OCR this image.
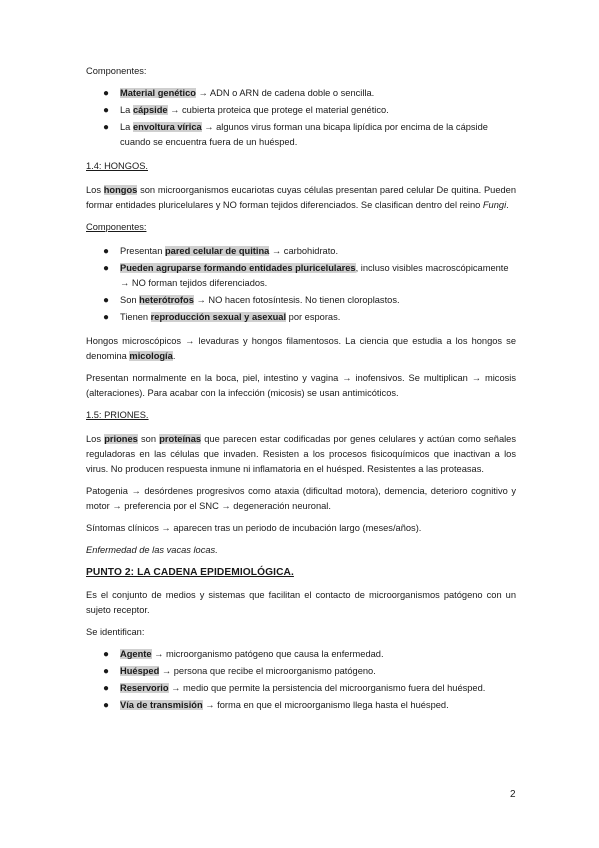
Componentes:

● Material genético → ADN o ARN de cadena doble o sencilla.
● La cápside → cubierta proteica que protege el material genético.
● La envoltura vírica → algunos virus forman una bicapa lipídica por encima de la cápside cuando se encuentra fuera de un huésped.

1.4: HONGOS.

Los hongos son microorganismos eucariotas cuyas células presentan pared celular De quitina. Pueden formar entidades pluricelulares y NO forman tejidos diferenciados. Se clasifican dentro del reino Fungi.

Componentes:

● Presentan pared celular de quitina → carbohidrato.
● Pueden agruparse formando entidades pluricelulares, incluso visibles macroscópicamente → NO forman tejidos diferenciados.
● Son heterótrofos → NO hacen fotosíntesis. No tienen cloroplastos.
● Tienen reproducción sexual y asexual por esporas.

Hongos microscópicos → levaduras y hongos filamentosos. La ciencia que estudia a los hongos se denomina micología.

Presentan normalmente en la boca, piel, intestino y vagina → inofensivos. Se multiplican → micosis (alteraciones). Para acabar con la infección (micosis) se usan antimicóticos.

1.5: PRIONES.

Los priones son proteínas que parecen estar codificadas por genes celulares y actúan como señales reguladoras en las células que invaden. Resisten a los procesos fisicoquímicos que inactivan a los virus. No producen respuesta inmune ni inflamatoria en el huésped. Resistentes a las proteasas.

Patogenia → desórdenes progresivos como ataxia (dificultad motora), demencia, deterioro cognitivo y motor → preferencia por el SNC → degeneración neuronal.

Síntomas clínicos → aparecen tras un periodo de incubación largo (meses/años).

Enfermedad de las vacas locas.

PUNTO 2: LA CADENA EPIDEMIOLÓGICA.

Es el conjunto de medios y sistemas que facilitan el contacto de microorganismos patógeno con un sujeto receptor.

Se identifican:

● Agente → microorganismo patógeno que causa la enfermedad.
● Huésped → persona que recibe el microorganismo patógeno.
● Reservorio → medio que permite la persistencia del microorganismo fuera del huésped.
● Vía de transmisión → forma en que el microorganismo llega hasta el huésped.
2
